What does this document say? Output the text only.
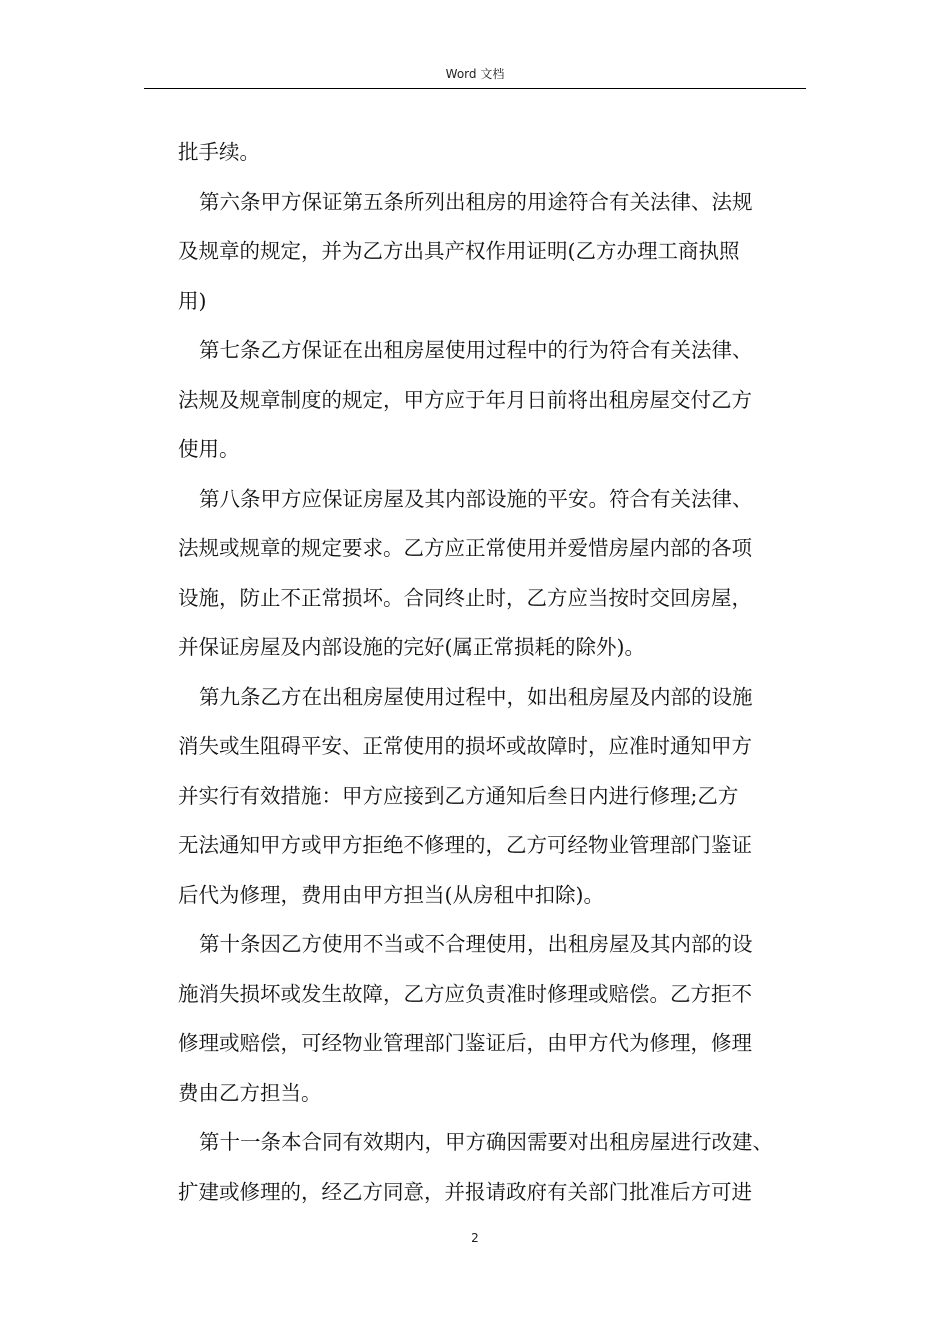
Word 文档
批手续。
第六条甲方保证第五条所列出租房的用途符合有关法律、法规
及规章的规定，并为乙方出具产权作用证明(乙方办理工商执照
用)
第七条乙方保证在出租房屋使用过程中的行为符合有关法律、
法规及规章制度的规定，甲方应于年月日前将出租房屋交付乙方
使用。
第八条甲方应保证房屋及其内部设施的平安。符合有关法律、
法规或规章的规定要求。乙方应正常使用并爱惜房屋内部的各项
设施，防止不正常损坏。合同终止时，乙方应当按时交回房屋，
并保证房屋及内部设施的完好(属正常损耗的除外)。
第九条乙方在出租房屋使用过程中，如出租房屋及内部的设施
消失或生阻碍平安、正常使用的损坏或故障时，应准时通知甲方
并实行有效措施：甲方应接到乙方通知后叁日内进行修理;乙方
无法通知甲方或甲方拒绝不修理的，乙方可经物业管理部门鉴证
后代为修理，费用由甲方担当(从房租中扣除)。
第十条因乙方使用不当或不合理使用，出租房屋及其内部的设
施消失损坏或发生故障，乙方应负责准时修理或赔偿。乙方拒不
修理或赔偿，可经物业管理部门鉴证后，由甲方代为修理，修理
费由乙方担当。
第十一条本合同有效期内，甲方确因需要对出租房屋进行改建、
扩建或修理的，经乙方同意，并报请政府有关部门批准后方可进
2
